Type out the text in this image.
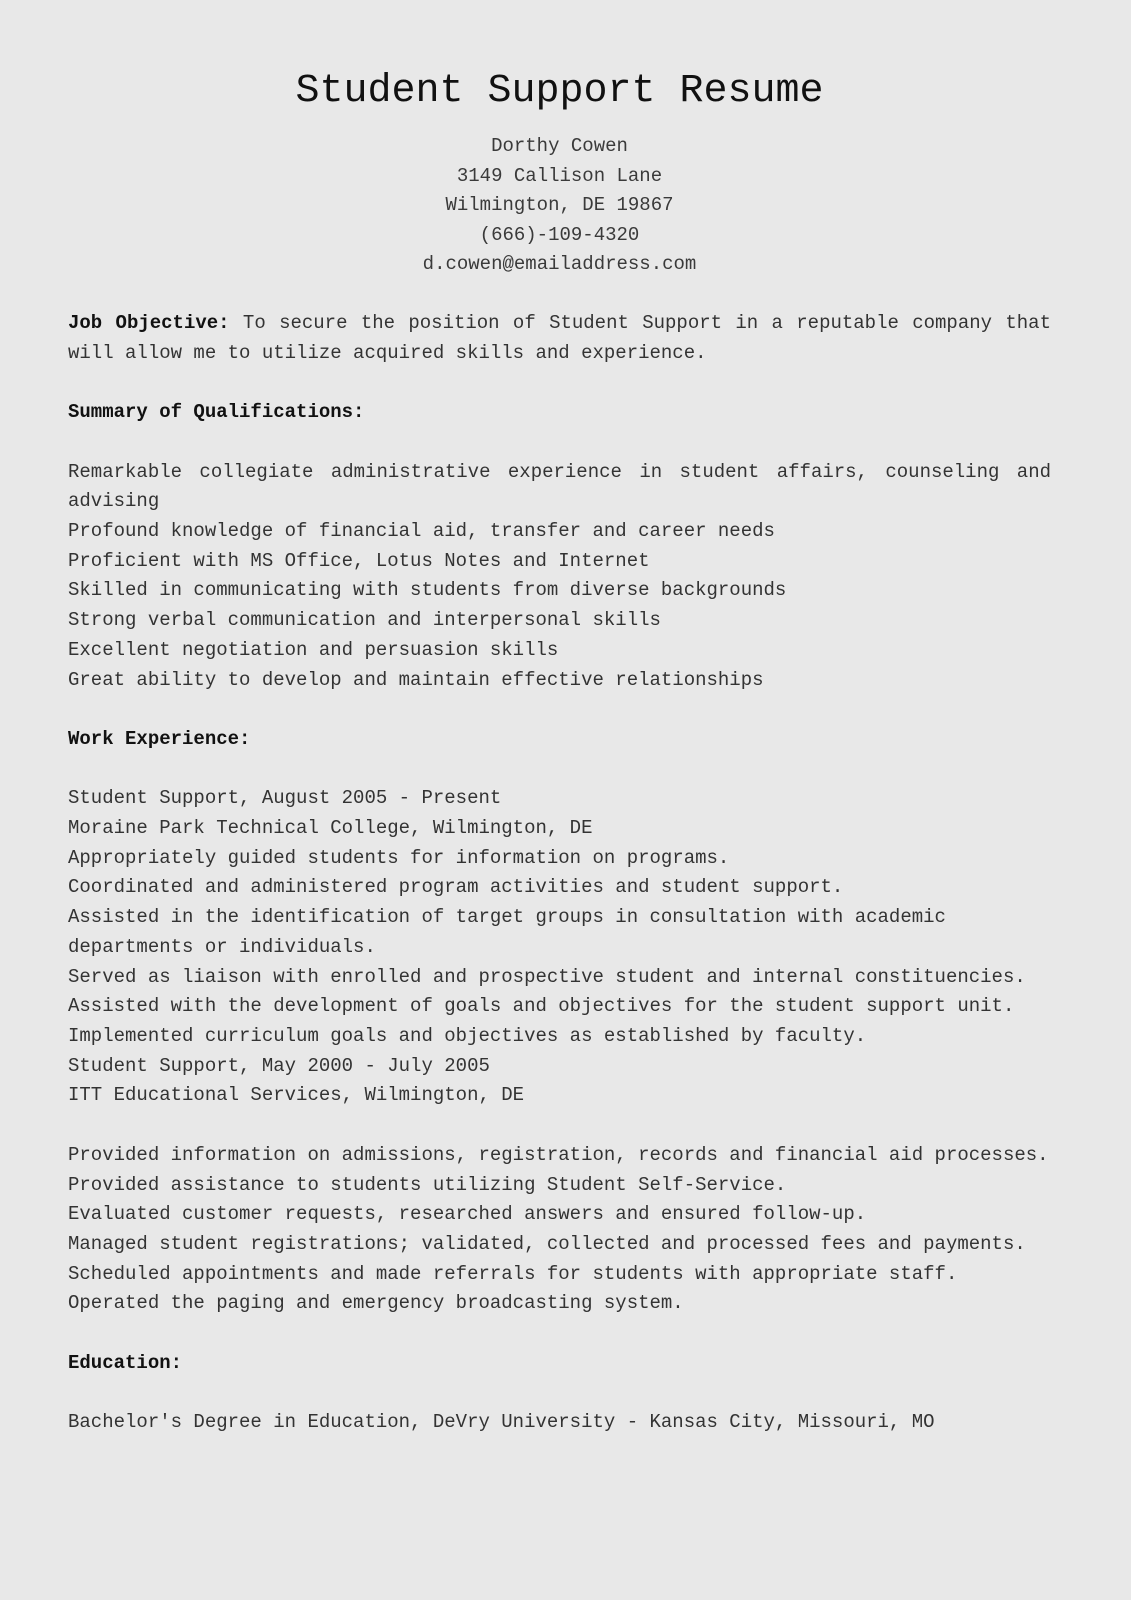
Student Support Resume
Dorthy Cowen
3149 Callison Lane
Wilmington, DE 19867
(666)-109-4320
d.cowen@emailaddress.com
Job Objective: To secure the position of Student Support in a reputable company that will allow me to utilize acquired skills and experience.
Summary of Qualifications:
Remarkable collegiate administrative experience in student affairs, counseling and advising
Profound knowledge of financial aid, transfer and career needs
Proficient with MS Office, Lotus Notes and Internet
Skilled in communicating with students from diverse backgrounds
Strong verbal communication and interpersonal skills
Excellent negotiation and persuasion skills
Great ability to develop and maintain effective relationships
Work Experience:
Student Support, August 2005 - Present
Moraine Park Technical College, Wilmington, DE
Appropriately guided students for information on programs.
Coordinated and administered program activities and student support.
Assisted in the identification of target groups in consultation with academic departments or individuals.
Served as liaison with enrolled and prospective student and internal constituencies.
Assisted with the development of goals and objectives for the student support unit.
Implemented curriculum goals and objectives as established by faculty.
Student Support, May 2000 - July 2005
ITT Educational Services, Wilmington, DE
Provided information on admissions, registration, records and financial aid processes.
Provided assistance to students utilizing Student Self-Service.
Evaluated customer requests, researched answers and ensured follow-up.
Managed student registrations; validated, collected and processed fees and payments.
Scheduled appointments and made referrals for students with appropriate staff.
Operated the paging and emergency broadcasting system.
Education:
Bachelor's Degree in Education, DeVry University - Kansas City, Missouri, MO
